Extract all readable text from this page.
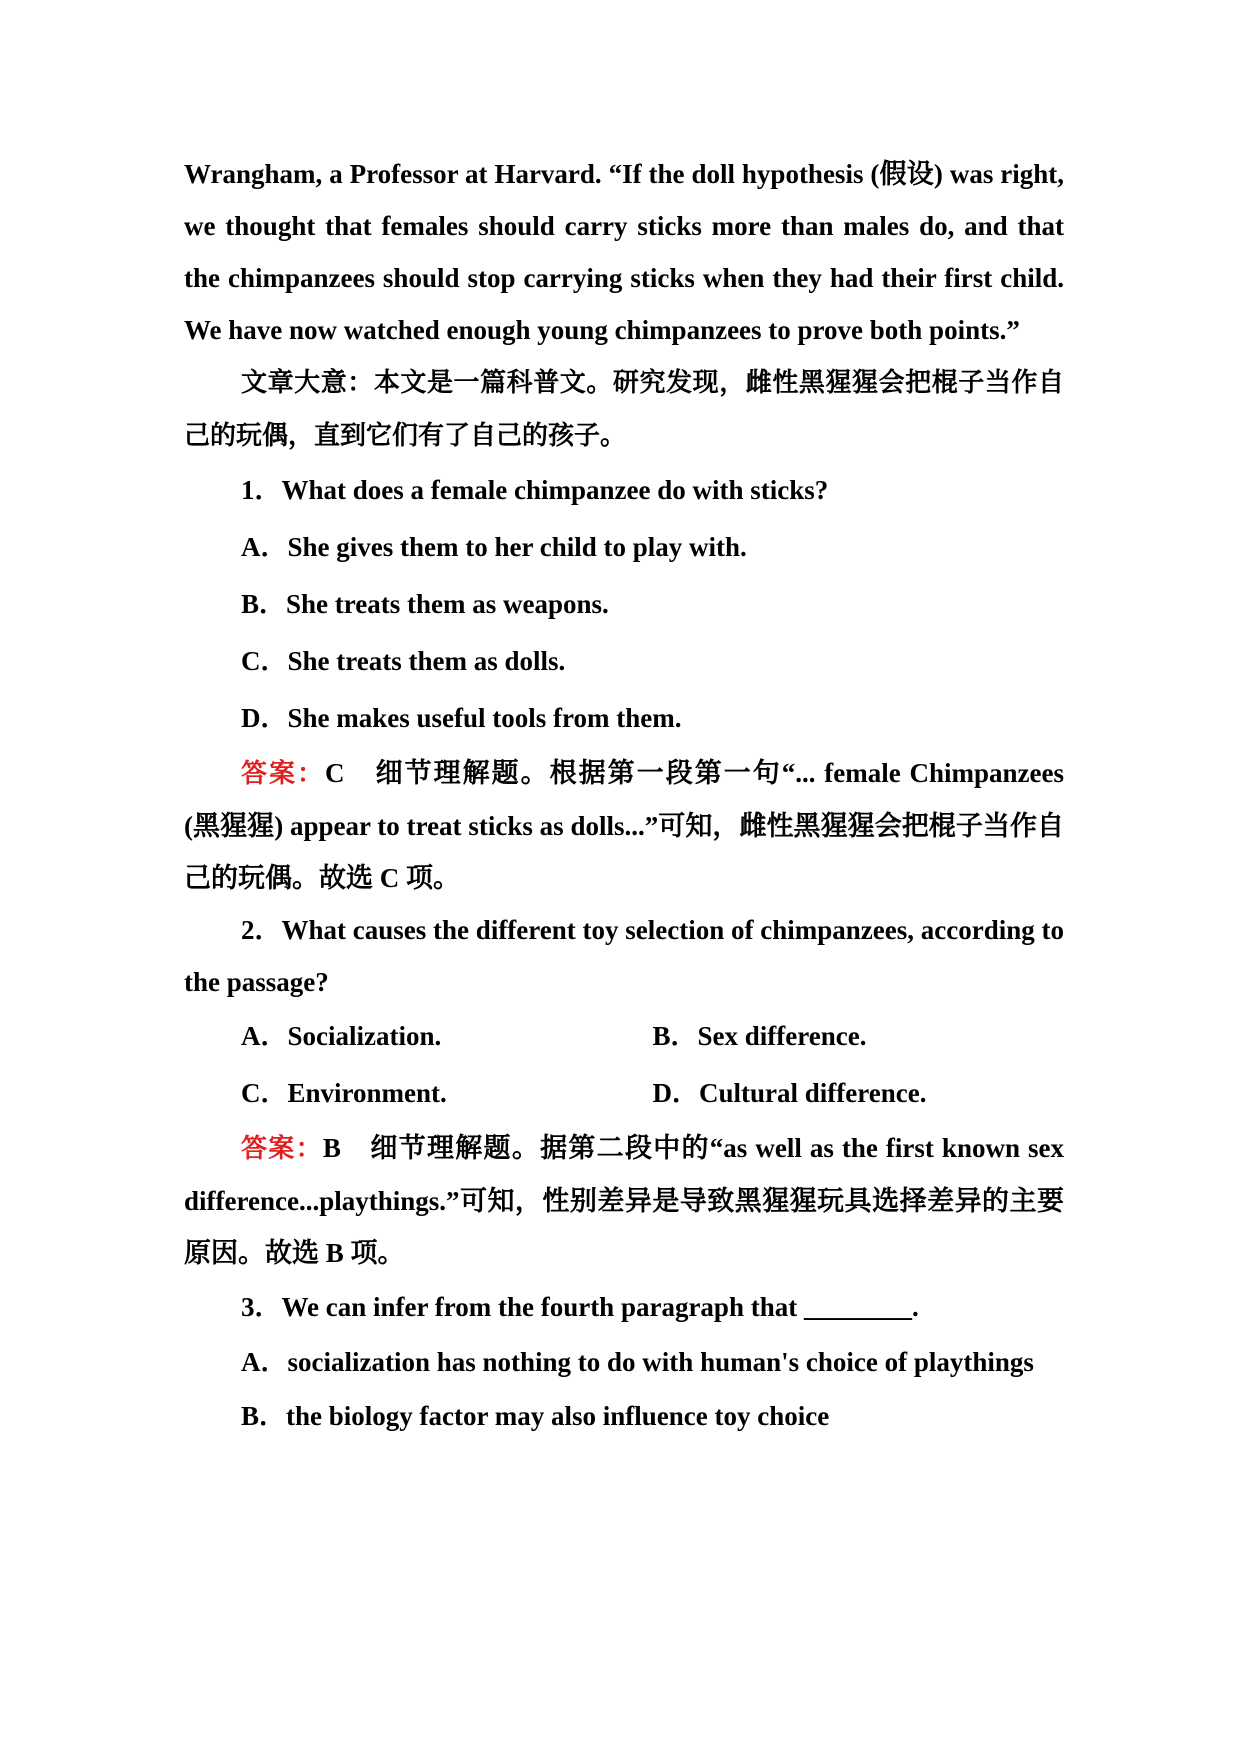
Wrangham, a Professor at Harvard. “If the doll hypothesis (假设) was right, we thought that females should carry sticks more than males do, and that the chimpanzees should stop carrying sticks when they had their first child. We have now watched enough young chimpanzees to prove both points.”

文章大意：本文是一篇科普文。研究发现，雌性黑猩猩会把棍子当作自己的玩偶，直到它们有了自己的孩子。

1．What does a female chimpanzee do with sticks?

A．She gives them to her child to play with.

B．She treats them as weapons.

C．She treats them as dolls.

D．She makes useful tools from them.

答案：C　细节理解题。根据第一段第一句“... female Chimpanzees (黑猩猩) appear to treat sticks as dolls...”可知，雌性黑猩猩会把棍子当作自己的玩偶。故选 C 项。

2．What causes the different toy selection of chimpanzees, according to the passage?

A．Socialization.	B．Sex difference.
C．Environment.	D．Cultural difference.

答案：B　细节理解题。据第二段中的“as well as the first known sex difference...playthings.”可知，性别差异是导致黑猩猩玩具选择差异的主要原因。故选 B 项。

3．We can infer from the fourth paragraph that ________.

A．socialization has nothing to do with human's choice of playthings

B．the biology factor may also influence toy choice
